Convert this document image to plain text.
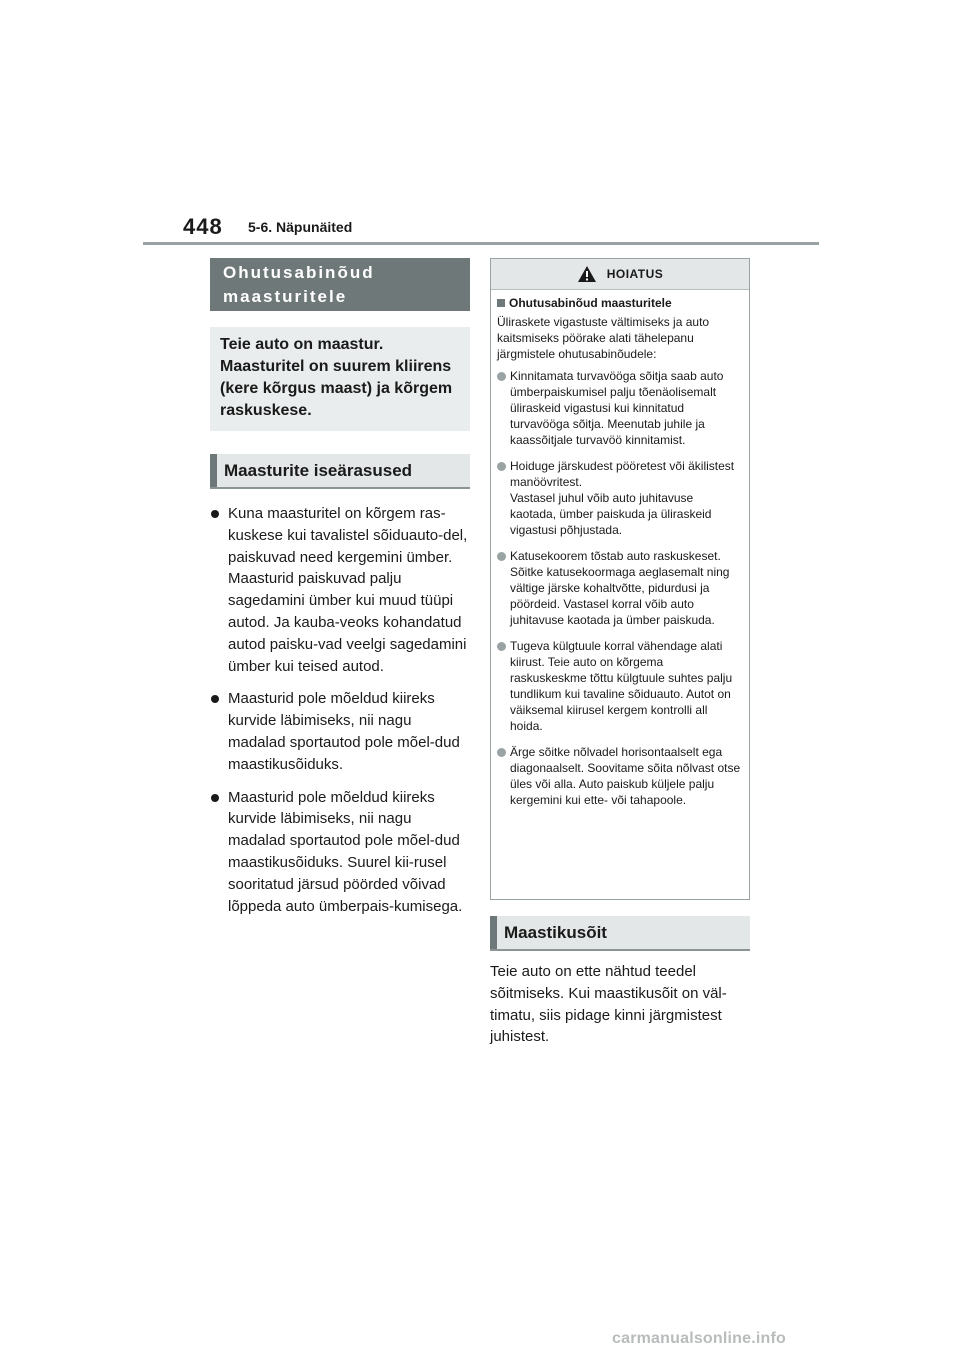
448 5-6. Näpunäited
Ohutusabinõud maasturitele
Teie auto on maastur. Maasturitel on suurem kliirens (kere kõrgus maast) ja kõrgem raskuskese.
Maasturite iseärasused
Kuna maasturitel on kõrgem ras-kuskese kui tavalistel sõiduauto-del, paiskuvad need kergemini ümber. Maasturid paiskuvad palju sagedamini ümber kui muud tüüpi autod. Ja kauba-veoks kohandatud autod paisku-vad veelgi sagedamini ümber kui teised autod.
Maasturid pole mõeldud kiireks kurvide läbimiseks, nii nagu madalad sportautod pole mõel-dud maastikusõiduks.
Maasturid pole mõeldud kiireks kurvide läbimiseks, nii nagu madalad sportautod pole mõel-dud maastikusõiduks. Suurel kii-rusel sooritatud järsud pöörded võivad lõppeda auto ümberpais-kumisega.
HOIATUS
Ohutusabinõud maasturitele
Üliraskete vigastuste vältimiseks ja auto kaitsmiseks pöörake alati tähelepanu järgmistele ohutusabinõudele:
Kinnitamata turvavööga sõitja saab auto ümberpaiskumisel palju tõenäolisemalt üliraskeid vigastusi kui kinnitatud turvavööga sõitja. Meenutab juhile ja kaassõitjale turvavöö kinnitamist.
Hoiduge järskudest pööretest või äkilistest manöövritest.
Vastasel juhul võib auto juhitavuse kaotada, ümber paiskuda ja üliraskeid vigastusi põhjustada.
Katusekoorem tõstab auto raskuskeset. Sõitke katusekoormaga aeglasemalt ning vältige järske kohaltvõtte, pidurdusi ja pöördeid. Vastasel korral võib auto juhitavuse kaotada ja ümber paiskuda.
Tugeva külgtuule korral vähendage alati kiirust. Teie auto on kõrgema raskuskeskme tõttu külgtuule suhtes palju tundlikum kui tavaline sõiduauto. Autot on väiksemal kiirusel kergem kontrolli all hoida.
Ärge sõitke nõlvadel horisontaalselt ega diagonaalselt. Soovitame sõita nõlvast otse üles või alla. Auto paiskub küljele palju kergemini kui ette- või tahapoole.
Maastikusõit
Teie auto on ette nähtud teedel sõitmiseks. Kui maastikusõit on väl-timatu, siis pidage kinni järgmistest juhistest.
carmanualsonline.info
